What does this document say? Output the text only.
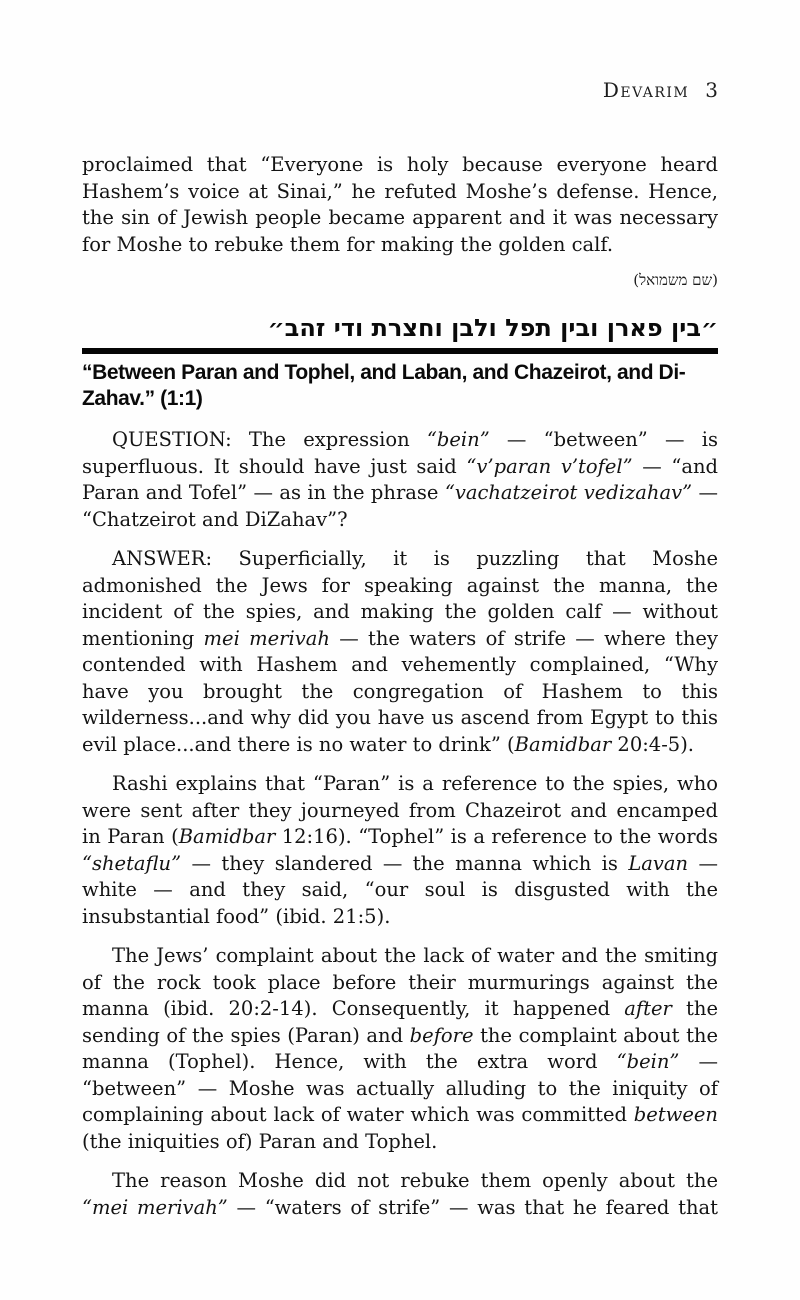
Devarim 3

proclaimed that “Everyone is holy because everyone heard Hashem’s voice at Sinai,” he refuted Moshe’s defense. Hence, the sin of Jewish people became apparent and it was necessary for Moshe to rebuke them for making the golden calf.

(שם משמואל)
״בין פארן ובין תפל ולבן וחצרת ודי זהב״
“Between Paran and Tophel, and Laban, and Chazeirot, and Di-Zahav.” (1:1)

QUESTION: The expression “bein” — “between” — is superfluous. It should have just said “v’paran v’tofel” — “and Paran and Tofel” — as in the phrase “vachatzeirot vedizahav” — “Chatzeirot and DiZahav”?

ANSWER: Superficially, it is puzzling that Moshe admonished the Jews for speaking against the manna, the incident of the spies, and making the golden calf — without mentioning mei merivah — the waters of strife — where they contended with Hashem and vehemently complained, “Why have you brought the congregation of Hashem to this wilderness...and why did you have us ascend from Egypt to this evil place...and there is no water to drink” (Bamidbar 20:4-5).

Rashi explains that “Paran” is a reference to the spies, who were sent after they journeyed from Chazeirot and encamped in Paran (Bamidbar 12:16). “Tophel” is a reference to the words “shetaflu” — they slandered — the manna which is Lavan — white — and they said, “our soul is disgusted with the insubstantial food” (ibid. 21:5).

The Jews’ complaint about the lack of water and the smiting of the rock took place before their murmurings against the manna (ibid. 20:2-14). Consequently, it happened after the sending of the spies (Paran) and before the complaint about the manna (Tophel). Hence, with the extra word “bein” — “between” — Moshe was actually alluding to the iniquity of complaining about lack of water which was committed between (the iniquities of) Paran and Tophel.

The reason Moshe did not rebuke them openly about the “mei merivah” — “waters of strife” — was that he feared that
